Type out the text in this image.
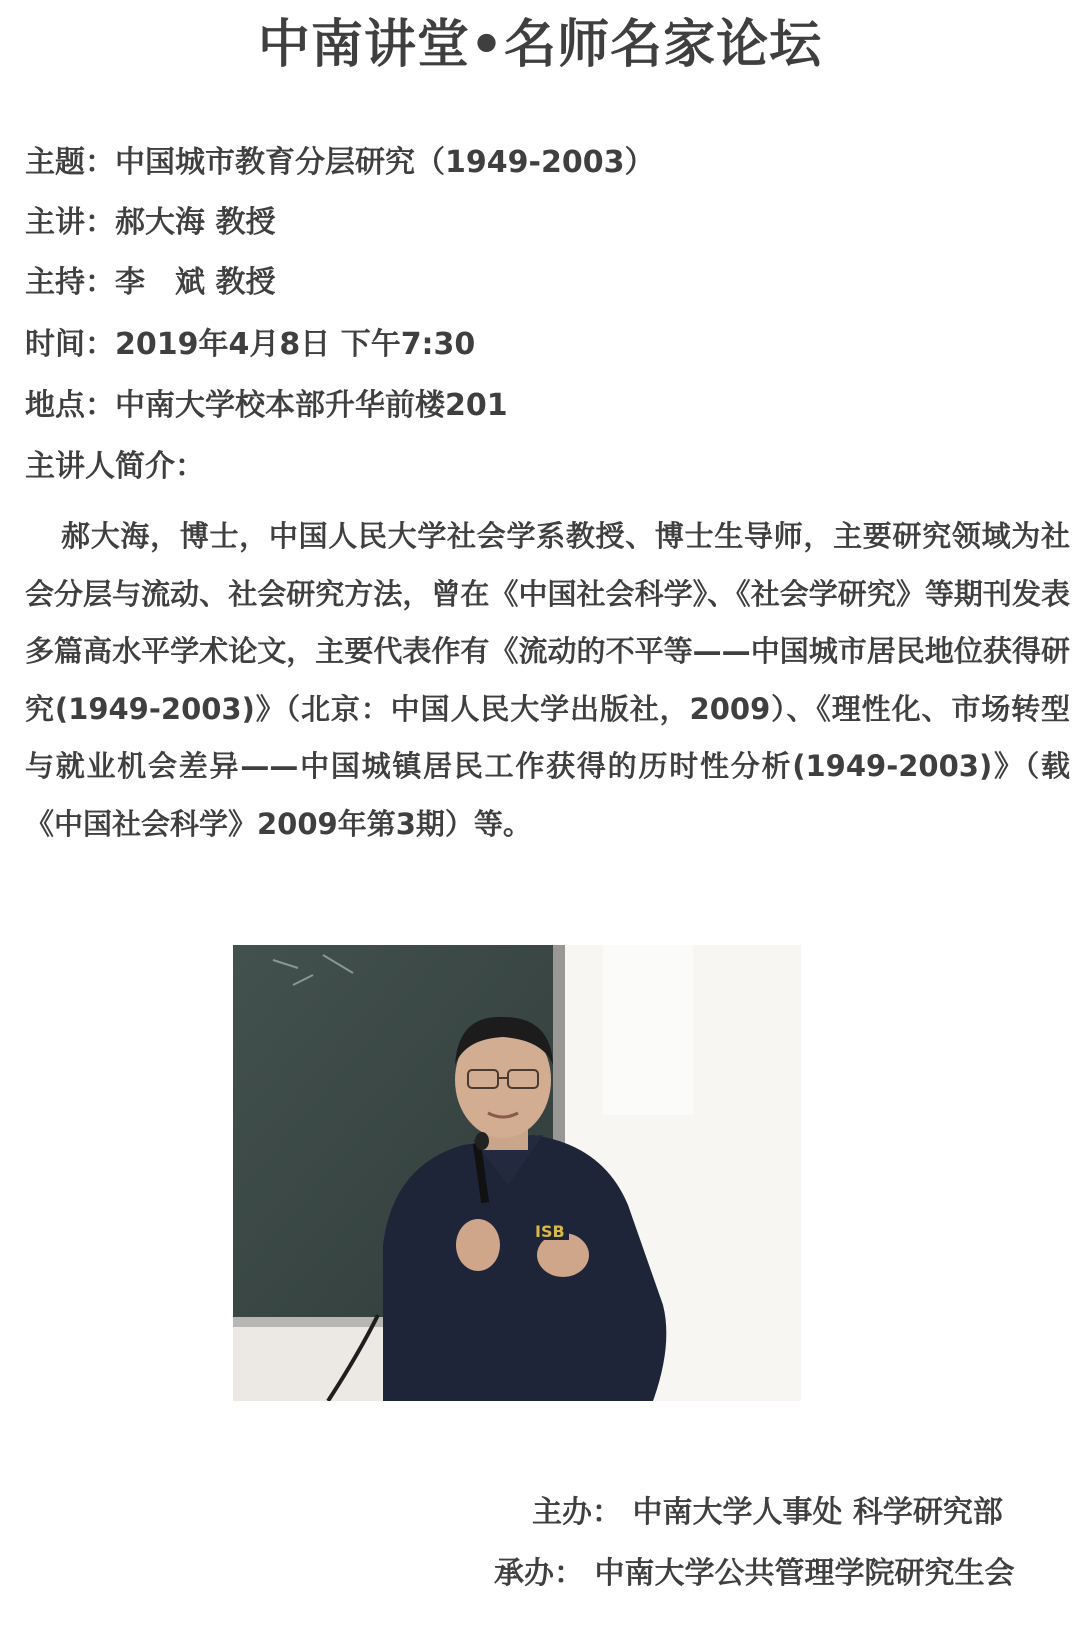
中南讲堂•名师名家论坛
主题：中国城市教育分层研究（1949-2003）
主讲：郝大海 教授
主持：李　斌 教授
时间：2019年4月8日 下午7:30
地点：中南大学校本部升华前楼201
主讲人简介：
郝大海，博士，中国人民大学社会学系教授、博士生导师，主要研究领域为社会分层与流动、社会研究方法，曾在《中国社会科学》、《社会学研究》等期刊发表多篇高水平学术论文，主要代表作有《流动的不平等——中国城市居民地位获得研究(1949-2003)》（北京：中国人民大学出版社，2009）、《理性化、市场转型与就业机会差异——中国城镇居民工作获得的历时性分析(1949-2003)》（载《中国社会科学》2009年第3期）等。
ISB
主办： 中南大学人事处 科学研究部
承办： 中南大学公共管理学院研究生会
